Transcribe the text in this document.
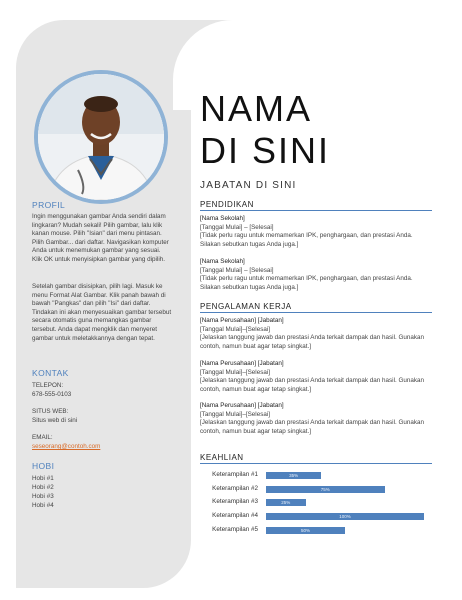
PROFIL
Ingin menggunakan gambar Anda sendiri dalam lingkaran? Mudah sekali! Pilih gambar, lalu klik kanan mouse. Pilih "Isian" dari menu pintasan. Pilih Gambar... dari daftar. Navigasikan komputer Anda untuk menemukan gambar yang sesuai. Klik OK untuk menyisipkan gambar yang dipilih.
Setelah gambar disisipkan, pilih lagi. Masuk ke menu Format Alat Gambar. Klik panah bawah di bawah "Pangkas" dan pilih "Isi" dari daftar. Tindakan ini akan menyesuaikan gambar tersebut secara otomatis guna memangkas gambar tersebut. Anda dapat mengklik dan menyeret gambar untuk meletakkannya dengan tepat.
KONTAK
TELEPON:
678-555-0103
SITUS WEB:
Situs web di sini
EMAIL:
seseorang@contoh.com
HOBI
Hobi #1
Hobi #2
Hobi #3
Hobi #4
NAMA
DI SINI
JABATAN DI SINI
PENDIDIKAN
[Nama Sekolah]
[Tanggal Mulai] – [Selesai]
[Tidak perlu ragu untuk memamerkan IPK, penghargaan, dan prestasi Anda. Silakan sebutkan tugas Anda juga.]
[Nama Sekolah]
[Tanggal Mulai] – [Selesai]
[Tidak perlu ragu untuk memamerkan IPK, penghargaan, dan prestasi Anda. Silakan sebutkan tugas Anda juga.]
PENGALAMAN KERJA
[Nama Perusahaan] [Jabatan]
[Tanggal Mulai]–[Selesai]
[Jelaskan tanggung jawab dan prestasi Anda terkait dampak dan hasil. Gunakan contoh, namun buat agar tetap singkat.]
[Nama Perusahaan] [Jabatan]
[Tanggal Mulai]–[Selesai]
[Jelaskan tanggung jawab dan prestasi Anda terkait dampak dan hasil. Gunakan contoh, namun buat agar tetap singkat.]
[Nama Perusahaan] [Jabatan]
[Tanggal Mulai]–[Selesai]
[Jelaskan tanggung jawab dan prestasi Anda terkait dampak dan hasil. Gunakan contoh, namun buat agar tetap singkat.]
KEAHLIAN
Keterampilan #1	35%
Keterampilan #2	75%
Keterampilan #3	25%
Keterampilan #4	100%
Keterampilan #5	50%
